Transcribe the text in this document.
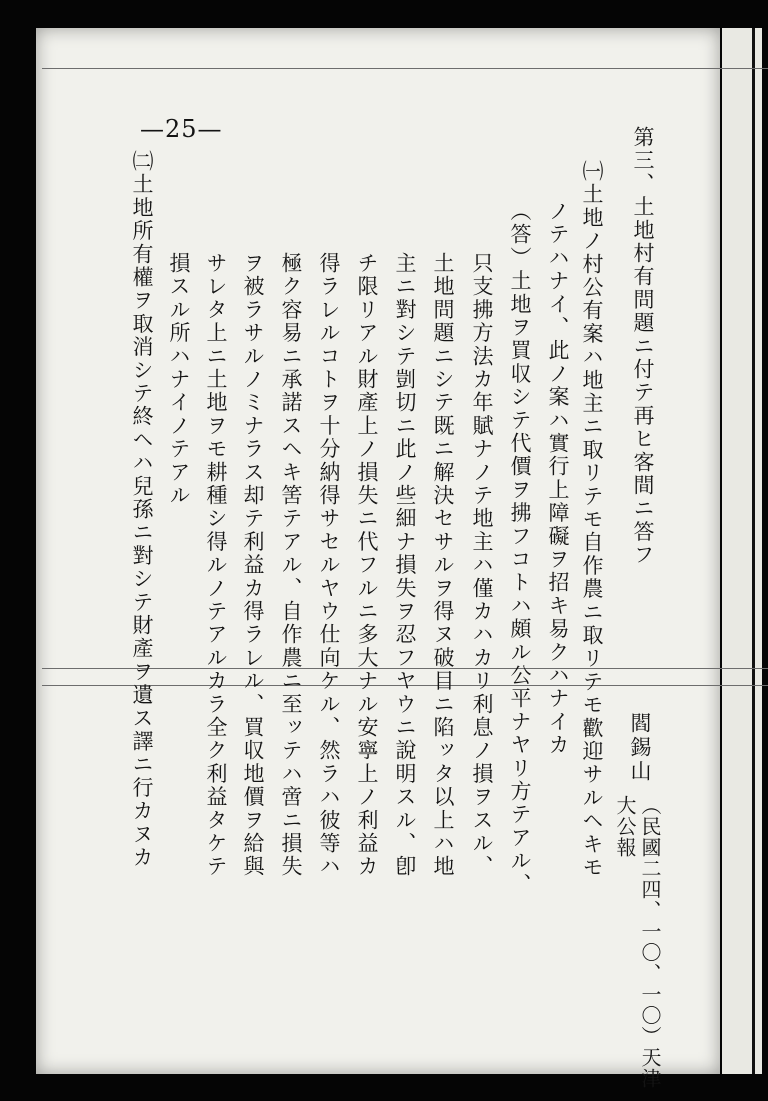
—25—	第三、土地村有問題ニ付テ再ヒ客間ニ答フ
閻錫山
（民國二四、一〇、一〇）天津大公報
㈠土地ノ村公有案ハ地主ニ取リテモ自作農ニ取リテモ歡迎サルヘキモ
ノテハナイ、此ノ案ハ實行上障礙ヲ招キ易クハナイカ
（答）土地ヲ買収シテ代價ヲ拂フコトハ頗ル公平ナヤリ方テアル、
只支拂方法カ年賦ナノテ地主ハ僅カハカリ利息ノ損ヲスル、
土地問題ニシテ既ニ解決セサルヲ得ヌ破目ニ陷ッタ以上ハ地
主ニ對シテ剴切ニ此ノ些細ナ損失ヲ忍フヤウニ說明スル、卽
チ限リアル財產上ノ損失ニ代フルニ多大ナル安寧上ノ利益カ
得ラレルコトヲ十分納得サセルヤウ仕向ケル、然ラハ彼等ハ
極ク容易ニ承諾スヘキ筈テアル、自作農ニ至ッテハ啻ニ損失
ヲ被ラサルノミナラス却テ利益カ得ラレル、買収地價ヲ給與
サレタ上ニ土地ヲモ耕種シ得ルノテアルカラ全ク利益タケテ
損スル所ハナイノテアル
㈡土地所有權ヲ取消シテ終ヘハ兒孫ニ對シテ財產ヲ遺ス譯ニ行カヌカ
